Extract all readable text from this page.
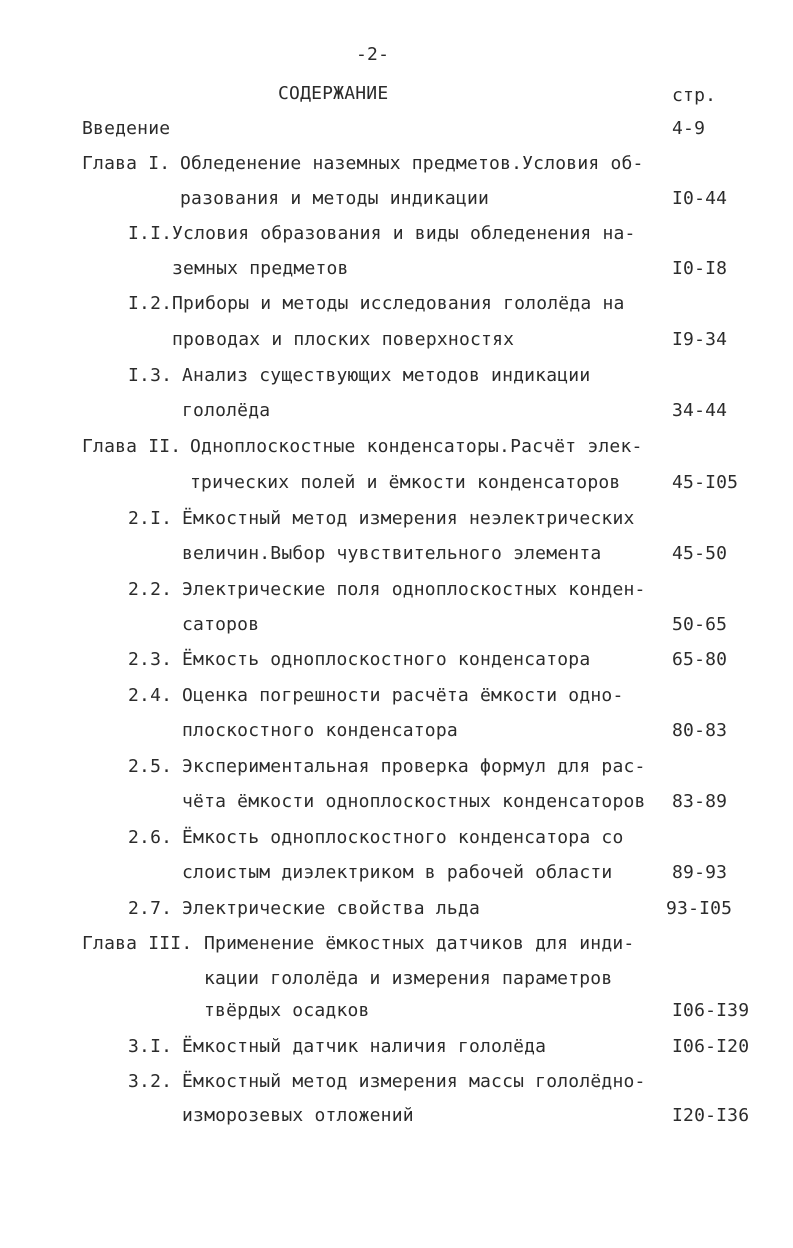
-2-
СОДЕРЖАНИЕ	стр.
Введение	4-9
Глава I. Обледенение наземных предметов.Условия об-
разования и методы индикации	I0-44
I.I. Условия образования и виды обледенения на-
земных предметов	I0-I8
I.2. Приборы и методы исследования гололёда на
проводах и плоских поверхностях	I9-34
I.3. Анализ существующих методов индикации
гололёда	34-44
Глава II. Одноплоскостные конденсаторы.Расчёт элек-
трических полей и ёмкости конденсаторов	45-I05
2.I. Ёмкостный метод измерения неэлектрических
величин.Выбор чувствительного элемента	45-50
2.2. Электрические поля одноплоскостных конден-
саторов	50-65
2.3. Ёмкость одноплоскостного конденсатора	65-80
2.4. Оценка погрешности расчёта ёмкости одно-
плоскостного конденсатора	80-83
2.5. Экспериментальная проверка формул для рас-
чёта ёмкости одноплоскостных конденсаторов 83-89
2.6. Ёмкость одноплоскостного конденсатора со
слоистым диэлектриком в рабочей области	89-93
2.7. Электрические свойства льда	93-I05
Глава III. Применение ёмкостных датчиков для инди-
кации гололёда и измерения параметров
твёрдых осадков	I06-I39
3.I. Ёмкостный датчик наличия гололёда	I06-I20
3.2. Ёмкостный метод измерения массы гололёдно-
изморозевых отложений	I20-I36
